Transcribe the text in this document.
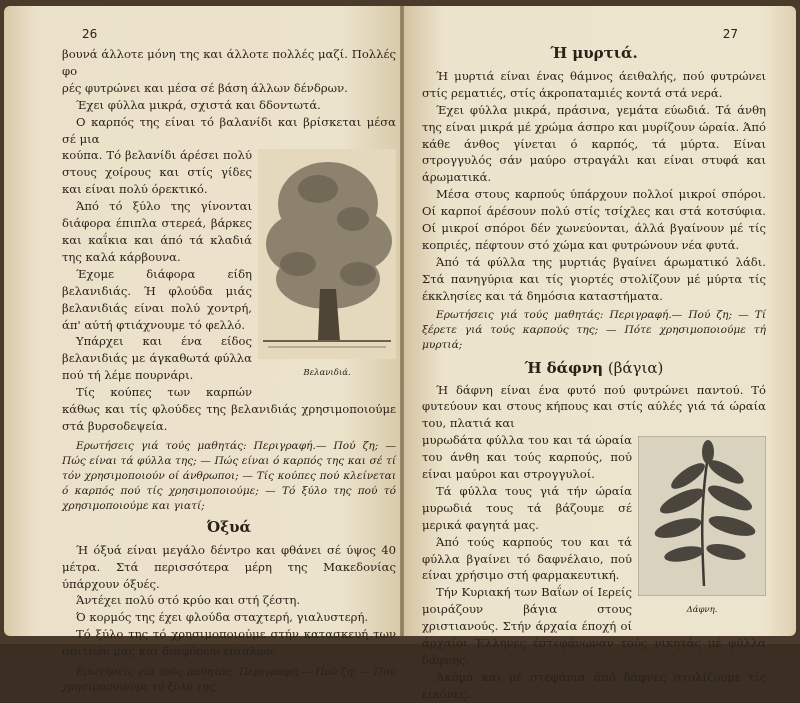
26

βουνά άλλοτε μόνη της και άλλοτε πολλές μαζί. Πολλές φο

ρές φυτρώνει και μέσα σέ βάση άλλων δένδρων.

Έχει φύλλα μικρά, σχιστά και δδοντωτά.

Ο καρπός της είναι τό βαλανίδι και βρίσκεται μέσα σέ μια

Βελανιδιά.

κούπα. Τό βελανίδι άρέσει πολύ στους χοίρους και στίς γίδες και είναι πολύ όρεκτικό.

Άπό τό ξύλο της γίνονται διάφορα έπιπλα στερεά, βάρκες και καΐκια και άπό τά κλαδιά της καλά κάρβουνα.

Έχομε διάφορα είδη βελανιδιάς. Ή φλούδα μιάς βελανιδιάς είναι πολύ χοντρή, άπ' αύτή φτιάχνουμε τό φελλό.

Υπάρχει και ένα είδος βελανιδιάς με άγκαθωτά φύλλα πού τή λέμε πουρνάρι.

Τίς κούπες των καρπών κάθως και τίς φλούδες της βελανιδιάς χρησιμοποιούμε στά βυρσοδεψεία.

Ερωτήσεις γιά τούς μαθητάς: Περιγραφή.— Πού ζη; — Πώς είναι τά φύλλα της; — Πώς είναι ό καρπός της και σέ τί τόν χρησιμοποιούν οί άνθρωποι; — Τίς κούπες πού κλείνεται ό καρπός πού τίς χρησιμοποιούμε; — Τό ξύλο της πού τό χρησιμοποιούμε και γιατί;

Όξυά

Ή όξυά είναι μεγάλο δέντρο και φθάνει σέ ύψος 40 μέτρα. Στά περισσότερα μέρη της Μακεδονίας ύπάρχουν όξυές.

Άντέχει πολύ στό κρύο και στή ζέστη.

Ό κορμός της έχει φλούδα σταχτερή, γιαλυστερή.

Τό ξύλο της τό χρησιμοποιούμε στήν κατασκευή των σπιτιών μας και διαφόρων έπίπλων.

Ερωτήσεις γιά τούς μαθητάς. Περιγραφή.— Πού ζη; — Πού χρησιμοποιούμε τό ξύλο της;

27
Ή μυρτιά.

Ή μυρτιά είναι ένας θάμνος άειθαλής, πού φυτρώνει στίς ρεματιές, στίς άκροπαταμιές κοντά στά νερά.

Έχει φύλλα μικρά, πράσινα, γεμάτα εύωδιά. Τά άνθη της είναι μικρά μέ χρώμα άσπρο και μυρίζουν ώραία. Άπό κάθε άνθος γίνεται ό καρπός, τά μύρτα. Είναι στρογγυλός σάν μαύρο στραγάλι και είναι στυφά και άρωματικά.

Μέσα στους καρπούς ύπάρχουν πολλοί μικροί σπόροι. Οί καρποί άρέσουν πολύ στίς τσίχλες και στά κοτσύφια. Οί μικροί σπόροι δέν χωνεύονται, άλλά βγαίνουν μέ τίς κοπριές, πέφτουν στό χώμα και φυτρώνουν νέα φυτά.

Άπό τά φύλλα της μυρτιάς βγαίνει άρωματικό λάδι. Στά πανηγύρια και τίς γιορτές στολίζουν μέ μύρτα τίς έκκλησίες και τά δημόσια καταστήματα.

Ερωτήσεις γιά τούς μαθητάς: Περιγραφή.— Πού ζη; — Τί ξέρετε γιά τούς καρπούς της; — Πότε χρησιμοποιούμε τή μυρτιά;

Ή δάφνη (βάγια)

Ή δάφνη είναι ένα φυτό πού φυτρώνει παντού. Τό φυτεύουν και στους κήπους και στίς αύλές γιά τά ώραία του, πλατιά και

Δάφνη.

μυρωδάτα φύλλα του και τά ώραία του άνθη και τούς καρπούς, πού είναι μαύροι και στρογγυλοί.

Τά φύλλα τους γιά τήν ώραία μυρωδιά τους τά βάζουμε σέ μερικά φαγητά μας.

Άπό τούς καρπούς του και τά φύλλα βγαίνει τό δαφνέλαιο, πού είναι χρήσιμο στή φαρμακευτική.

Τήν Κυριακή των Βαΐων οί Ιερείς μοιράζουν βάγια στους χριστιανούς. Στήν άρχαία έποχή οί άρχαίοι Έλληνες έστεφάνωναν τούς νικητάς μέ φύλλα δάφνης.

Άκόμα και μέ στεφάνια άπό δάφνες στολίζουμε τίς είκόνες.
